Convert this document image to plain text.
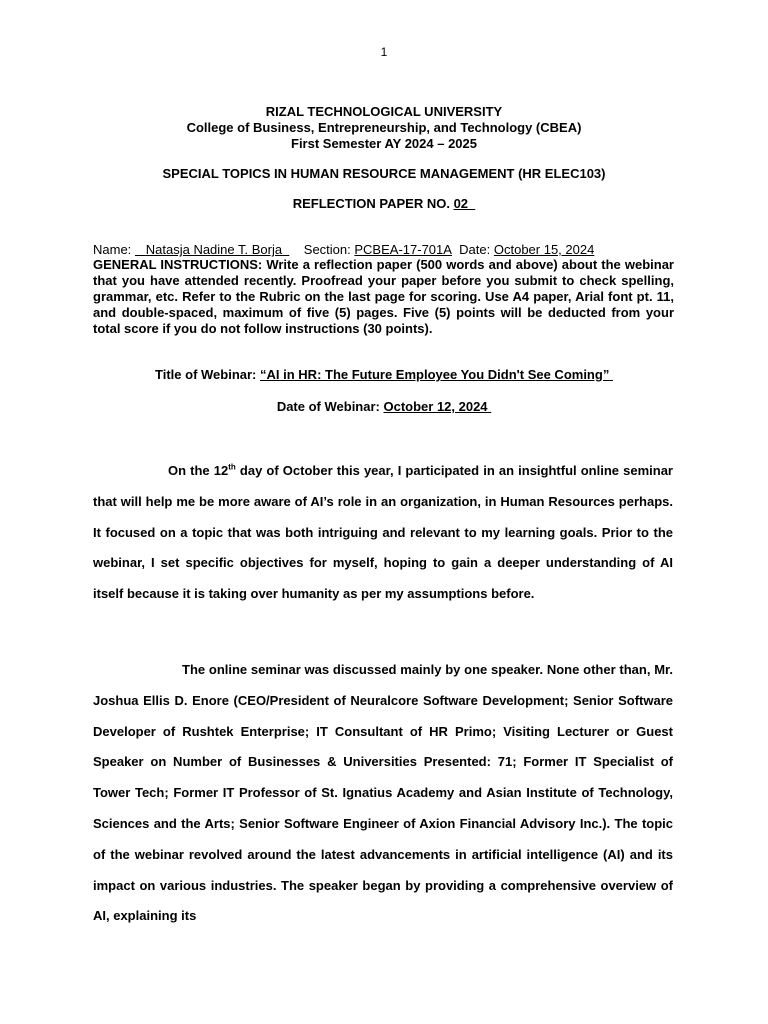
1
RIZAL TECHNOLOGICAL UNIVERSITY
College of Business, Entrepreneurship, and Technology (CBEA)
First Semester AY 2024 – 2025
SPECIAL TOPICS IN HUMAN RESOURCE MANAGEMENT (HR ELEC103)
REFLECTION PAPER NO. 02
Name:    Natasja Nadine T. Borja Section: PCBEA-17-701A Date: October 15, 2024
GENERAL INSTRUCTIONS: Write a reflection paper (500 words and above) about the webinar that you have attended recently. Proofread your paper before you submit to check spelling, grammar, etc. Refer to the Rubric on the last page for scoring. Use A4 paper, Arial font pt. 11, and double-spaced, maximum of five (5) pages. Five (5) points will be deducted from your total score if you do not follow instructions (30 points).
Title of Webinar: “AI in HR: The Future Employee You Didn't See Coming”
Date of Webinar: October 12, 2024

On the 12th day of October this year, I participated in an insightful online seminar that will help me be more aware of AI’s role in an organization, in Human Resources perhaps. It focused on a topic that was both intriguing and relevant to my learning goals. Prior to the webinar, I set specific objectives for myself, hoping to gain a deeper understanding of AI itself because it is taking over humanity as per my assumptions before.

The online seminar was discussed mainly by one speaker. None other than, Mr. Joshua Ellis D. Enore (CEO/President of Neuralcore Software Development; Senior Software Developer of Rushtek Enterprise; IT Consultant of HR Primo; Visiting Lecturer or Guest Speaker on Number of Businesses & Universities Presented: 71; Former IT Specialist of Tower Tech; Former IT Professor of St. Ignatius Academy and Asian Institute of Technology, Sciences and the Arts; Senior Software Engineer of Axion Financial Advisory Inc.). The topic of the webinar revolved around the latest advancements in artificial intelligence (AI) and its impact on various industries. The speaker began by providing a comprehensive overview of AI, explaining its
